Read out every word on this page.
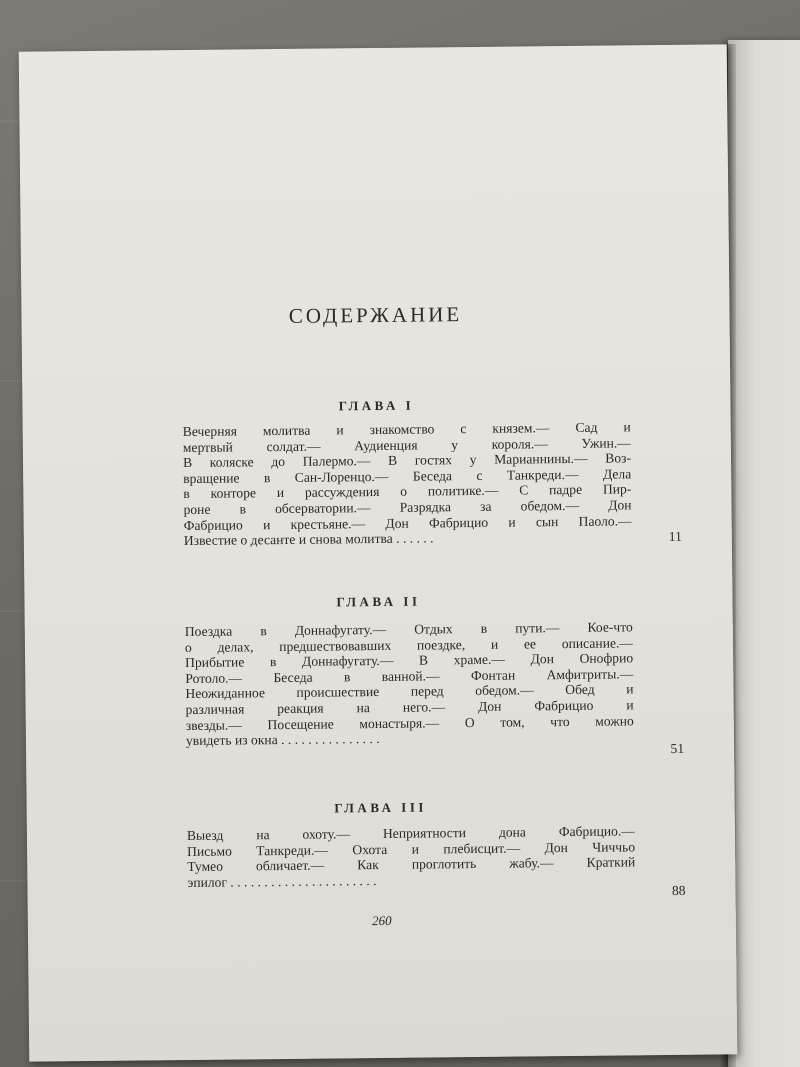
СОДЕРЖАНИЕ
ГЛАВА I
Вечерняя молитва и знакомство с князем.— Сад и
мертвый солдат.— Аудиенция у короля.— Ужин.—
В коляске до Палермо.— В гостях у Марианнины.— Воз-
вращение в Сан-Лоренцо.— Беседа с Танкреди.— Дела
в конторе и рассуждения о политике.— С падре Пир-
роне в обсерватории.— Разрядка за обедом.— Дон
Фабрицио и крестьяне.— Дон Фабрицио и сын Паоло.—
Известие о десанте и снова молитва . . . . . .	11
ГЛАВА II
Поездка в Доннафугату.— Отдых в пути.— Кое-что
о делах, предшествовавших поездке, и ее описание.—
Прибытие в Доннафугату.— В храме.— Дон Онофрио
Ротоло.— Беседа в ванной.— Фонтан Амфитриты.—
Неожиданное происшествие перед обедом.— Обед и
различная реакция на него.— Дон Фабрицио и
звезды.— Посещение монастыря.— О том, что можно
увидеть из окна . . . . . . . . . . . . . . .
51
ГЛАВА III
Выезд на охоту.— Неприятности дона Фабрицио.—
Письмо Танкреди.— Охота и плебисцит.— Дон Чиччьо
Тумео обличает.— Как проглотить жабу.— Краткий
эпилог . . . . . . . . . . . . . . . . . . . . . .
88
260
